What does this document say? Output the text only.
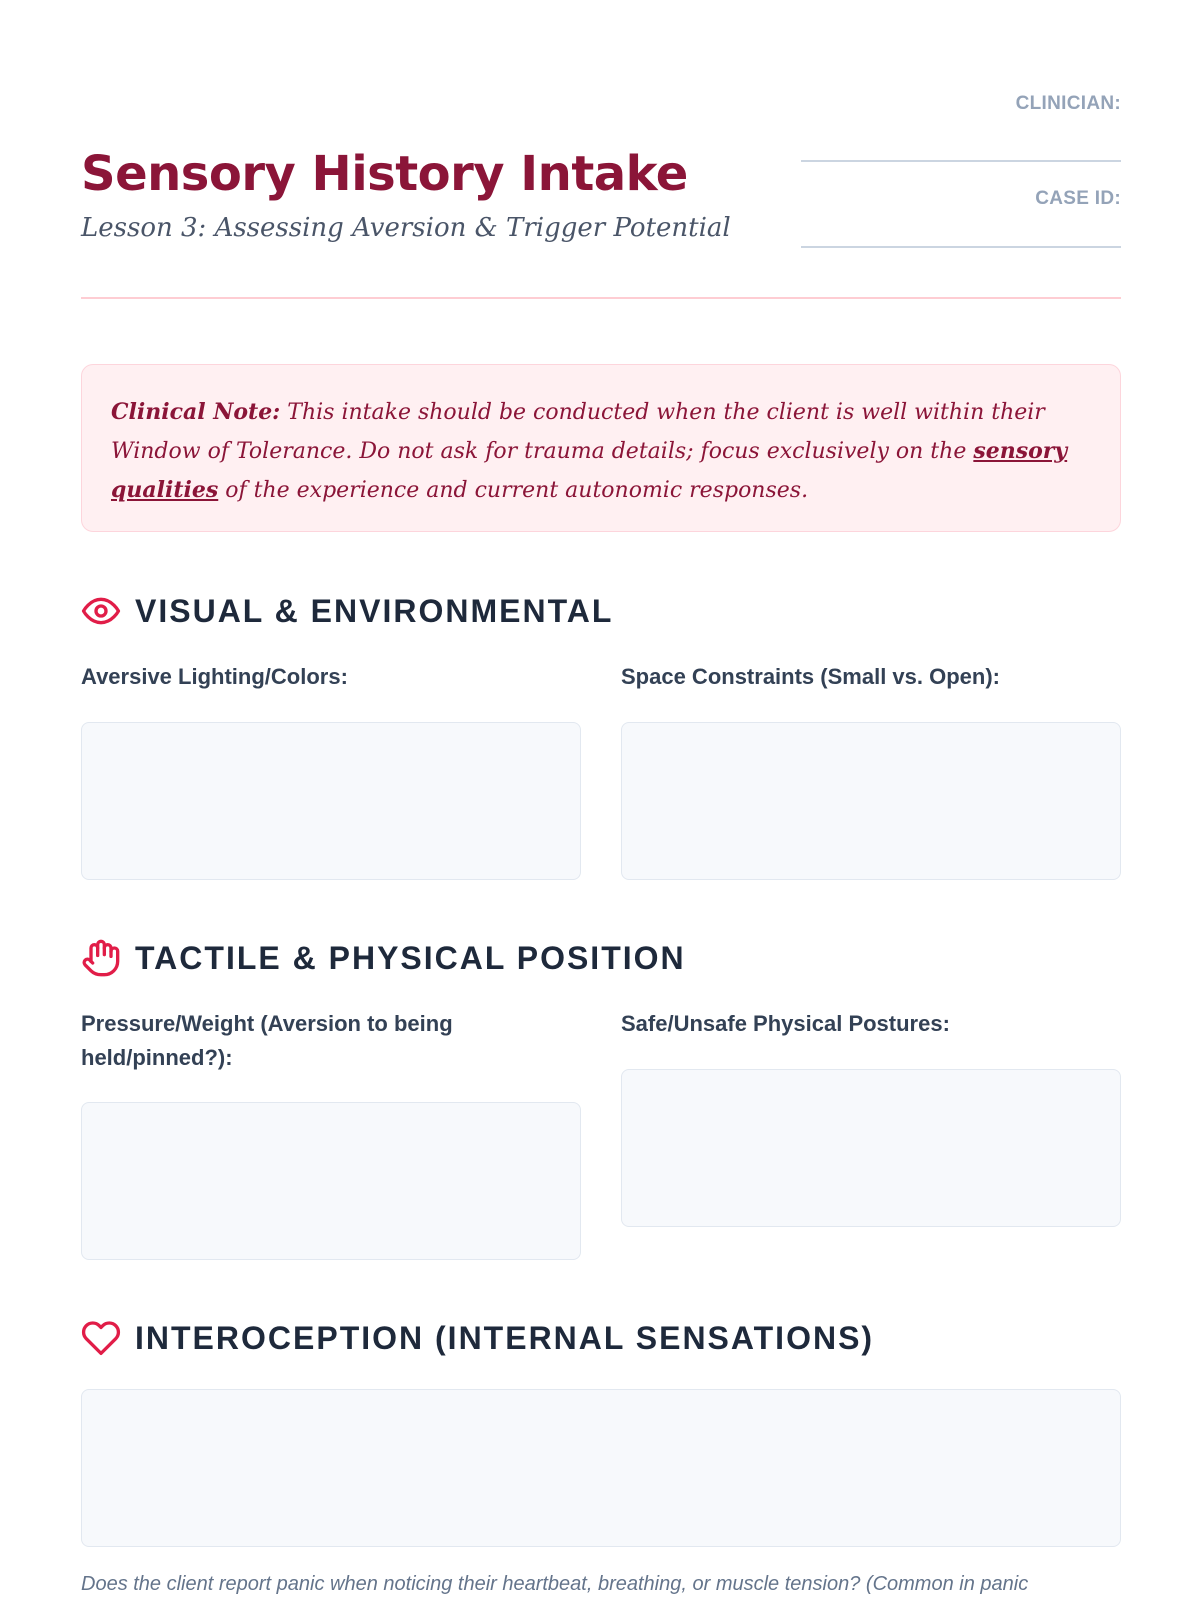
Sensory History Intake

Lesson 3: Assessing Aversion & Trigger Potential

CLINICIAN:
CASE ID:
Clinical Note: This intake should be conducted when the client is well within their Window of Tolerance. Do not ask for trauma details; focus exclusively on the sensory qualities of the experience and current autonomic responses.
VISUAL & ENVIRONMENTAL

Aversive Lighting/Colors:	Space Constraints (Small vs. Open):

TACTILE & PHYSICAL POSITION

Pressure/Weight (Aversion to being held/pinned?):

Safe/Unsafe Physical Postures:

INTEROCEPTION (INTERNAL SENSATIONS)

Does the client report panic when noticing their heartbeat, breathing, or muscle tension? (Common in panic
